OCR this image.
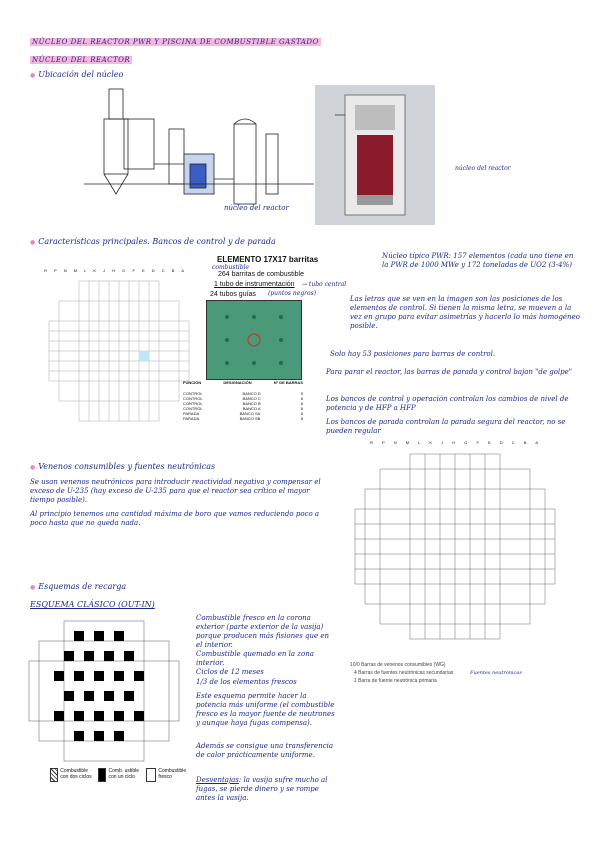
NÚCLEO DEL REACTOR PWR Y PISCINA DE COMBUSTIBLE GASTADO
NÚCLEO DEL REACTOR
● Ubicación del núcleo
núcleo del reactor
núcleo del reactor
● Características principales. Bancos de control y de parada
R P N M L K J H G F E D C B A
ELEMENTO 17X17 barritas
combustible
264 barritas de combustible
1 tubo de instrumentación → tubo central
24 tubos guías (puntos negros)
FUNCIÓN	DESIGNACIÓN	Nº DE BARRAS
CONTROL	BANCO D	5
CONTROL	BANCO C	8
CONTROL	BANCO B	8
CONTROL	BANCO A	8
PARADA	BANCO SA	8
PARADA	BANCO SB	8
Núcleo típico PWR: 157 elementos (cada uno tiene en la PWR de 1000 MWe y 172 toneladas de UO2 (3-4%)
Las letras que se ven en la imagen son las posiciones de los elementos de control. Si tienen la misma letra, se mueven a la vez en grupo para evitar asimetrías y hacerlo lo más homogéneo posible.
Solo hay 53 posiciones para barras de control.
Para parar el reactor, las barras de parada y control bajan "de golpe"
Los bancos de control y operación controlan los cambios de nivel de potencia y de HFP a HFP
Los bancos de parada controlan la parada segura del reactor, no se pueden regular
● Venenos consumibles y fuentes neutrónicas
Se usan venenos neutrónicos para introducir reactividad negativa y compensar el exceso de U-235 (hay exceso de U-235 para que el reactor sea crítico el mayor tiempo posible).
Al principio tenemos una cantidad máxima de boro que vamos reduciendo poco a poco hasta que no queda nada.
R P N M L K J H G F E D C B A
10/0 Barras de venenos consumibles (WG)
4 Barras de fuentes neutrónicas secundarias
1 Barra de fuente neutrónica primaria
Fuentes neutrónicas
● Esquemas de recarga
ESQUEMA CLÁSICO (OUT-IN)
Combustible con dos ciclos
Comb. ustible con un ciclo
Combustible fresco
Combustible fresco en la corona exterior (parte exterior de la vasija) porque producen más fisiones que en el interior.
Combustible quemado en la zona interior.
Ciclos de 12 meses
1/3 de los elementos frescos
Este esquema permite hacer la potencia más uniforme (el combustible fresco es la mayor fuente de neutrones y aunque haya fugas compensa).
Además se consigue una transferencia de calor prácticamente uniforme.
Desventajas: la vasija sufre mucho al fugas, se pierde dinero y se rompe antes la vasija.
